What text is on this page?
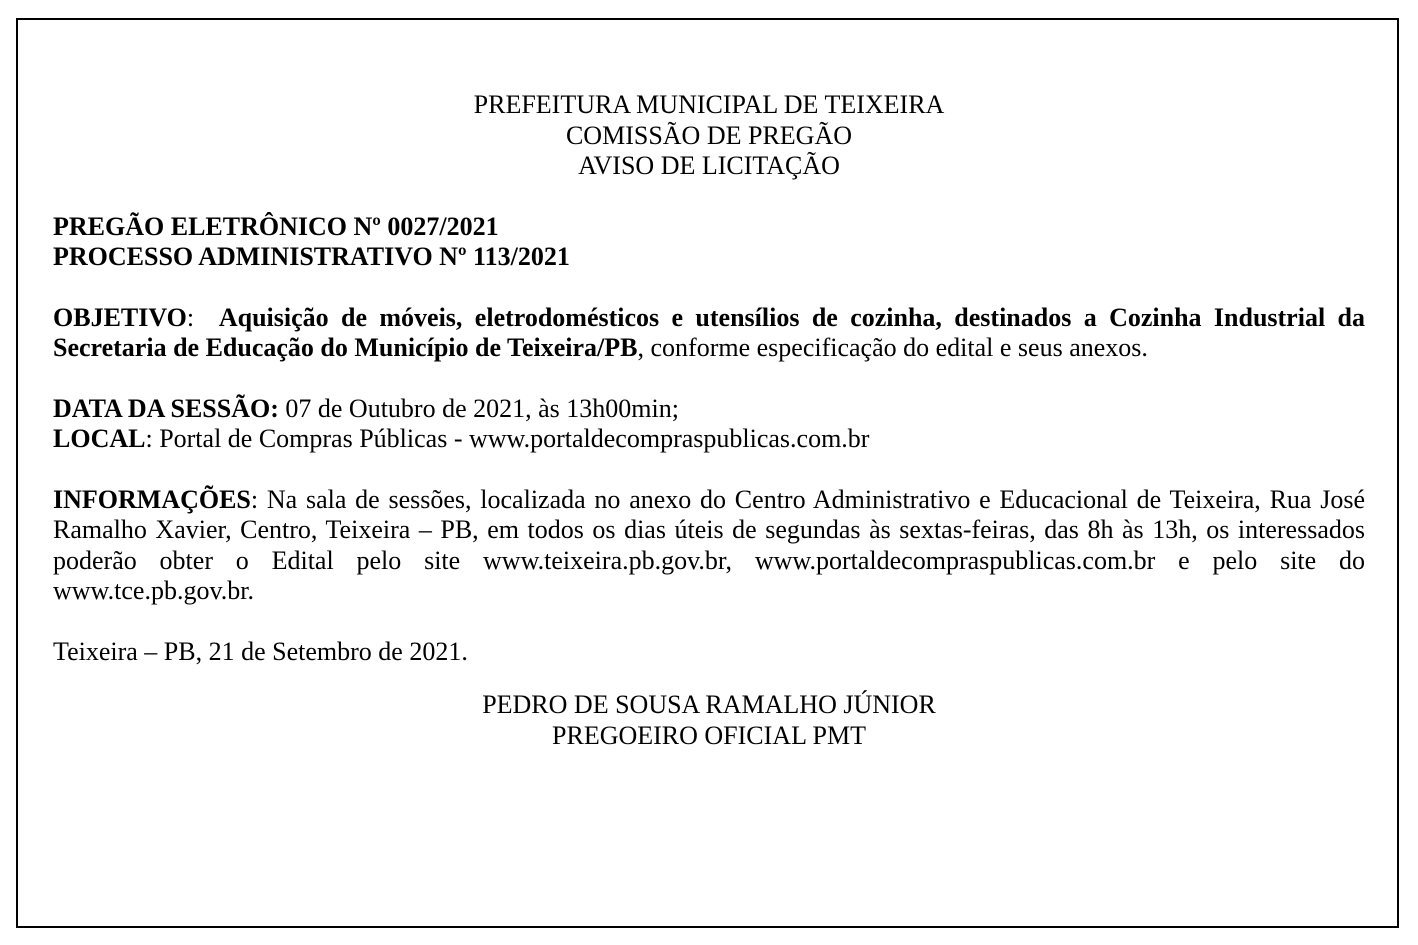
PREFEITURA MUNICIPAL DE TEIXEIRA
COMISSÃO DE PREGÃO
AVISO DE LICITAÇÃO
PREGÃO ELETRÔNICO Nº 0027/2021
PROCESSO ADMINISTRATIVO Nº 113/2021

OBJETIVO: Aquisição de móveis, eletrodomésticos e utensílios de cozinha, destinados a Cozinha Industrial da Secretaria de Educação do Município de Teixeira/PB, conforme especificação do edital e seus anexos.

DATA DA SESSÃO: 07 de Outubro de 2021, às 13h00min;
LOCAL: Portal de Compras Públicas - www.portaldecompraspublicas.com.br

INFORMAÇÕES: Na sala de sessões, localizada no anexo do Centro Administrativo e Educacional de Teixeira, Rua José Ramalho Xavier, Centro, Teixeira – PB, em todos os dias úteis de segundas às sextas-feiras, das 8h às 13h, os interessados poderão obter o Edital pelo site www.teixeira.pb.gov.br, www.portaldecompraspublicas.com.br e pelo site do www.tce.pb.gov.br.

Teixeira – PB, 21 de Setembro de 2021.

PEDRO DE SOUSA RAMALHO JÚNIOR
PREGOEIRO OFICIAL PMT
